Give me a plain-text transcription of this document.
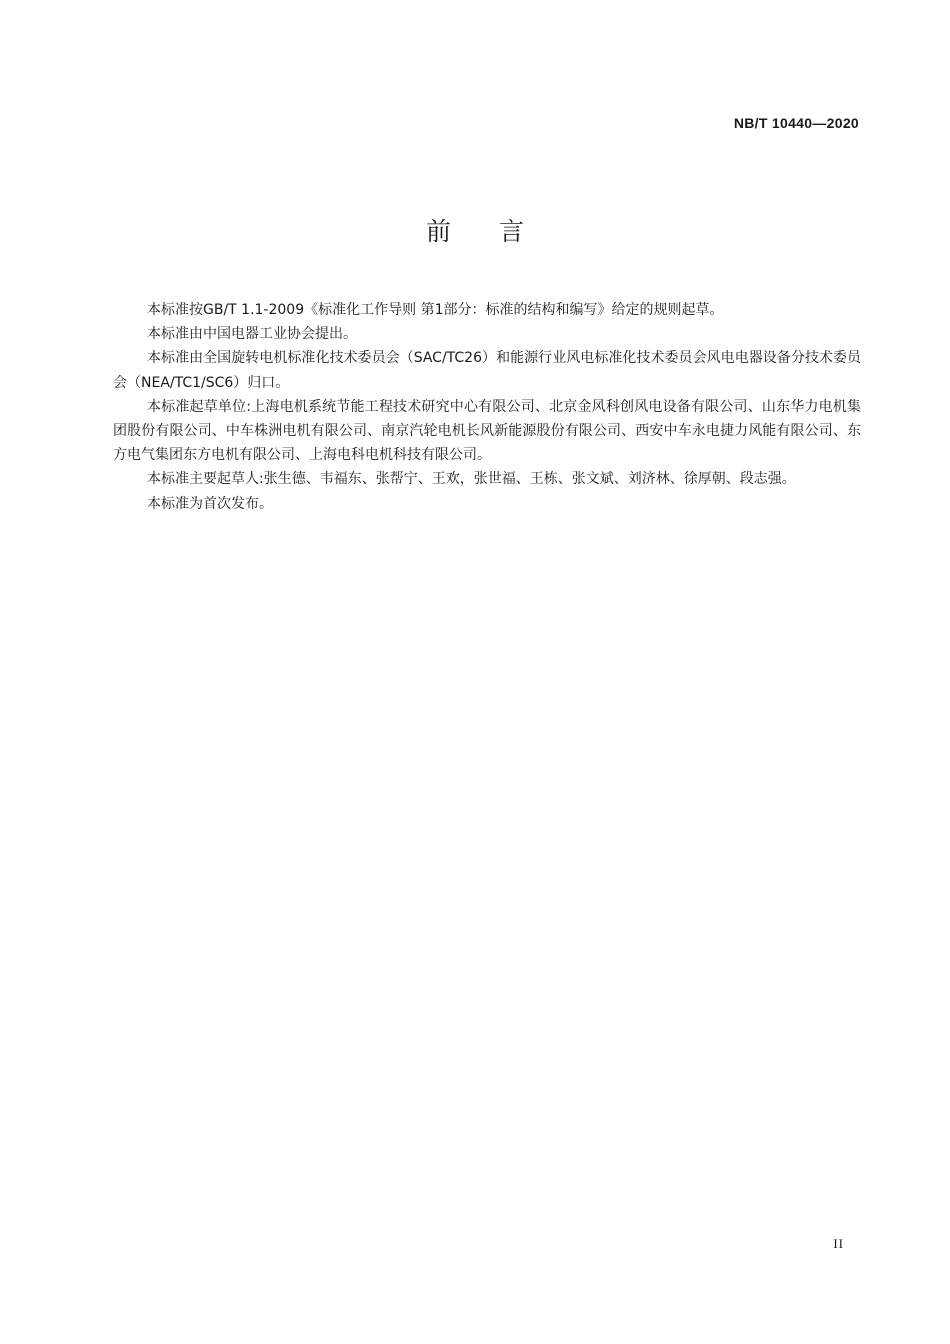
NB/T 10440—2020
前言

本标准按GB/T 1.1-2009《标准化工作导则 第1部分：标准的结构和编写》给定的规则起草。

本标准由中国电器工业协会提出。

本标准由全国旋转电机标准化技术委员会（SAC/TC26）和能源行业风电标准化技术委员会风电电器设备分技术委员会（NEA/TC1/SC6）归口。

本标准起草单位:上海电机系统节能工程技术研究中心有限公司、北京金风科创风电设备有限公司、山东华力电机集团股份有限公司、中车株洲电机有限公司、南京汽轮电机长风新能源股份有限公司、西安中车永电捷力风能有限公司、东方电气集团东方电机有限公司、上海电科电机科技有限公司。

本标准主要起草人:张生德、韦福东、张帮宁、王欢，张世福、王栋、张文斌、刘济林、徐厚朝、段志强。

本标准为首次发布。

II
